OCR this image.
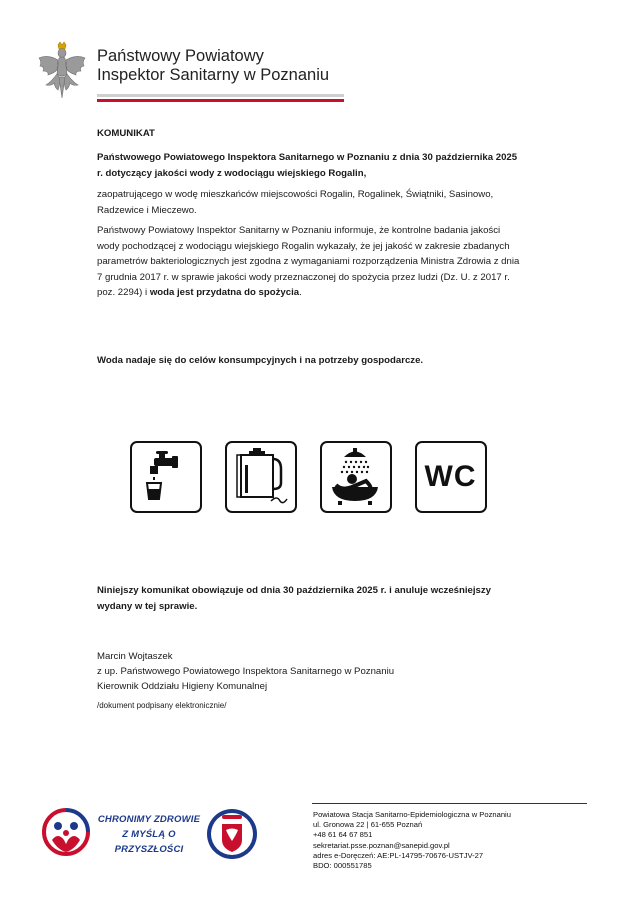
Państwowy Powiatowy
Inspektor Sanitarny w Poznaniu
KOMUNIKAT
Państwowego Powiatowego Inspektora Sanitarnego w Poznaniu z dnia 30 października 2025 r. dotyczący jakości wody z wodociągu wiejskiego Rogalin,
zaopatrującego w wodę mieszkańców miejscowości Rogalin, Rogalinek, Świątniki, Sasinowo, Radzewice i Mieczewo.
Państwowy Powiatowy Inspektor Sanitarny w Poznaniu informuje, że kontrolne badania jakości wody pochodzącej z wodociągu wiejskiego Rogalin wykazały, że jej jakość w zakresie zbadanych parametrów bakteriologicznych jest zgodna z wymaganiami rozporządzenia Ministra Zdrowia z dnia 7 grudnia 2017 r. w sprawie jakości wody przeznaczonej do spożycia przez ludzi (Dz. U. z 2017 r. poz. 2294) i woda jest przydatna do spożycia.
Woda nadaje się do celów konsumpcyjnych i na potrzeby gospodarcze.
WC
Niniejszy komunikat obowiązuje od dnia 30 października 2025 r. i anuluje wcześniejszy wydany w tej sprawie.
Marcin Wojtaszek
z up. Państwowego Powiatowego Inspektora Sanitarnego w Poznaniu
Kierownik Oddziału Higieny Komunalnej
/dokument podpisany elektronicznie/
CHRONIMY ZDROWIE
Z MYŚLĄ O PRZYSZŁOŚCI
Powiatowa Stacja Sanitarno-Epidemiologiczna w Poznaniu
ul. Gronowa 22 | 61-655 Poznań
+48 61 64 67 851
sekretariat.psse.poznan@sanepid.gov.pl
adres e-Doręczeń: AE:PL-14795-70676-USTJV-27
BDO: 000551785
